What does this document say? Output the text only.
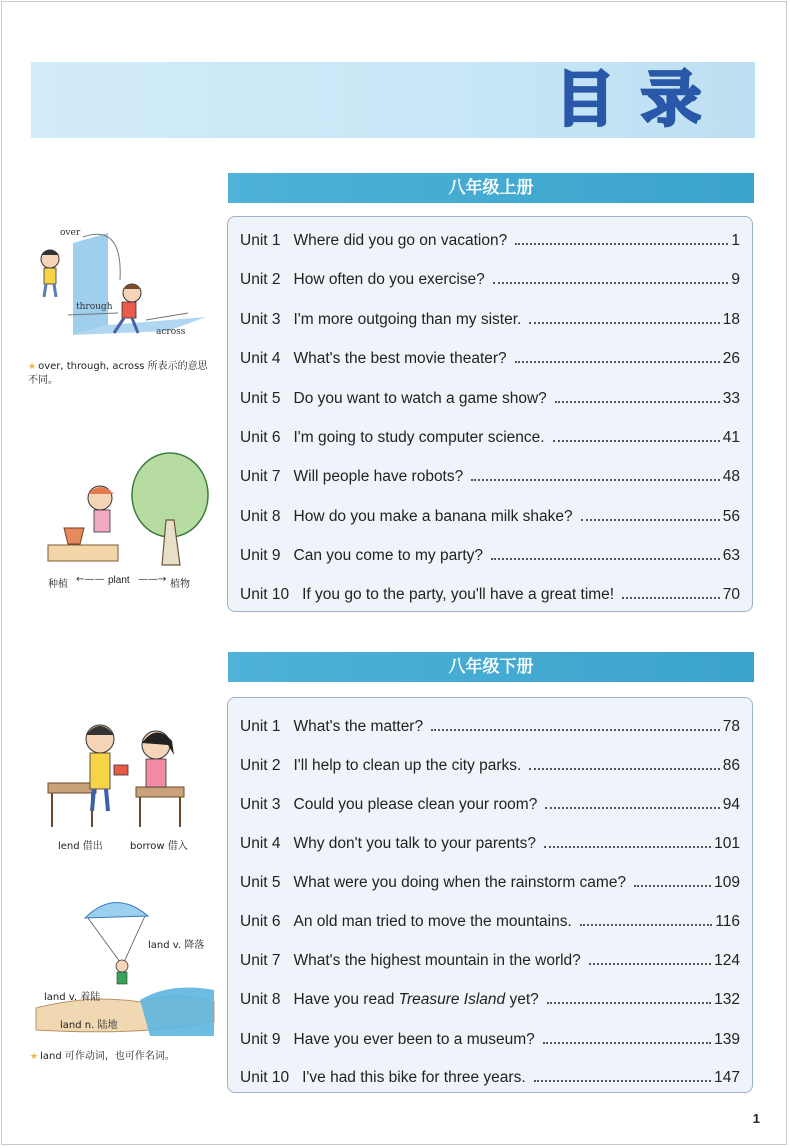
目录
八年级上册
Unit 1 Where did you go on vacation?	1
Unit 2 How often do you exercise?	9
Unit 3 I'm more outgoing than my sister.	18
Unit 4 What's the best movie theater?	26
Unit 5 Do you want to watch a game show?	33
Unit 6 I'm going to study computer science.	41
Unit 7 Will people have robots?	48
Unit 8 How do you make a banana milk shake?	56
Unit 9 Can you come to my party?	63
Unit 10 If you go to the party, you'll have a great time!	70
八年级下册
Unit 1 What's the matter?	78
Unit 2 I'll help to clean up the city parks.	86
Unit 3 Could you please clean your room?	94
Unit 4 Why don't you talk to your parents?	101
Unit 5 What were you doing when the rainstorm came?	109
Unit 6 An old man tried to move the mountains.	116
Unit 7 What's the highest mountain in the world?	124
Unit 8 Have you read Treasure Island yet?	132
Unit 9 Have you ever been to a museum?	139
Unit 10 I've had this bike for three years.	147
over
through
across
★ over, through, across 所表示的意思不同。
种植 ←—— plant ——→ 植物
lend 借出	borrow 借入
land v. 降落
land v. 着陆
land n. 陆地
★ land 可作动词，也可作名词。
1
